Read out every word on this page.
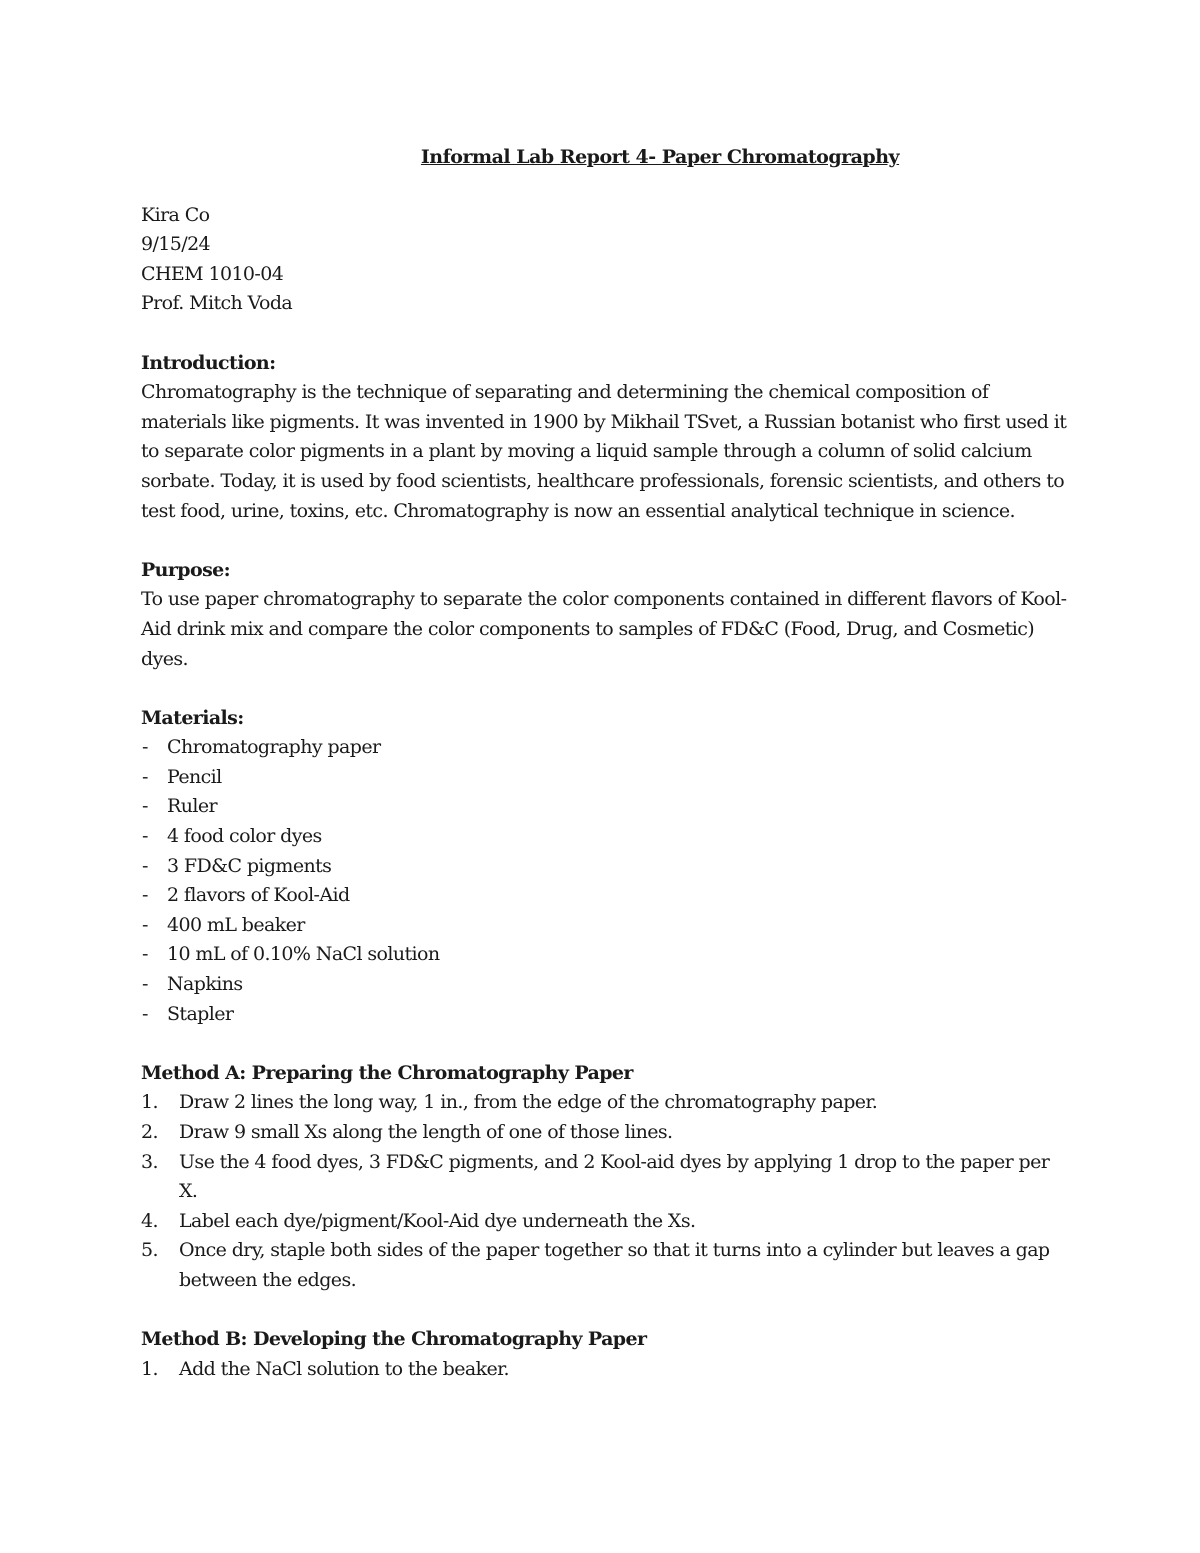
Informal Lab Report 4- Paper Chromatography

Kira Co

9/15/24

CHEM 1010-04

Prof. Mitch Voda

Introduction:

Chromatography is the technique of separating and determining the chemical composition of materials like pigments. It was invented in 1900 by Mikhail TSvet, a Russian botanist who first used it to separate color pigments in a plant by moving a liquid sample through a column of solid calcium sorbate. Today, it is used by food scientists, healthcare professionals, forensic scientists, and others to test food, urine, toxins, etc. Chromatography is now an essential analytical technique in science.

Purpose:

To use paper chromatography to separate the color components contained in different flavors of Kool-Aid drink mix and compare the color components to samples of FD&C (Food, Drug, and Cosmetic) dyes.

Materials:

- Chromatography paper
- Pencil
- Ruler
- 4 food color dyes
- 3 FD&C pigments
- 2 flavors of Kool-Aid
- 400 mL beaker
- 10 mL of 0.10% NaCl solution
- Napkins
- Stapler

Method A: Preparing the Chromatography Paper

1. Draw 2 lines the long way, 1 in., from the edge of the chromatography paper.
2. Draw 9 small Xs along the length of one of those lines.
3. Use the 4 food dyes, 3 FD&C pigments, and 2 Kool-aid dyes by applying 1 drop to the paper per X.
4. Label each dye/pigment/Kool-Aid dye underneath the Xs.
5. Once dry, staple both sides of the paper together so that it turns into a cylinder but leaves a gap between the edges.

Method B: Developing the Chromatography Paper

1. Add the NaCl solution to the beaker.
